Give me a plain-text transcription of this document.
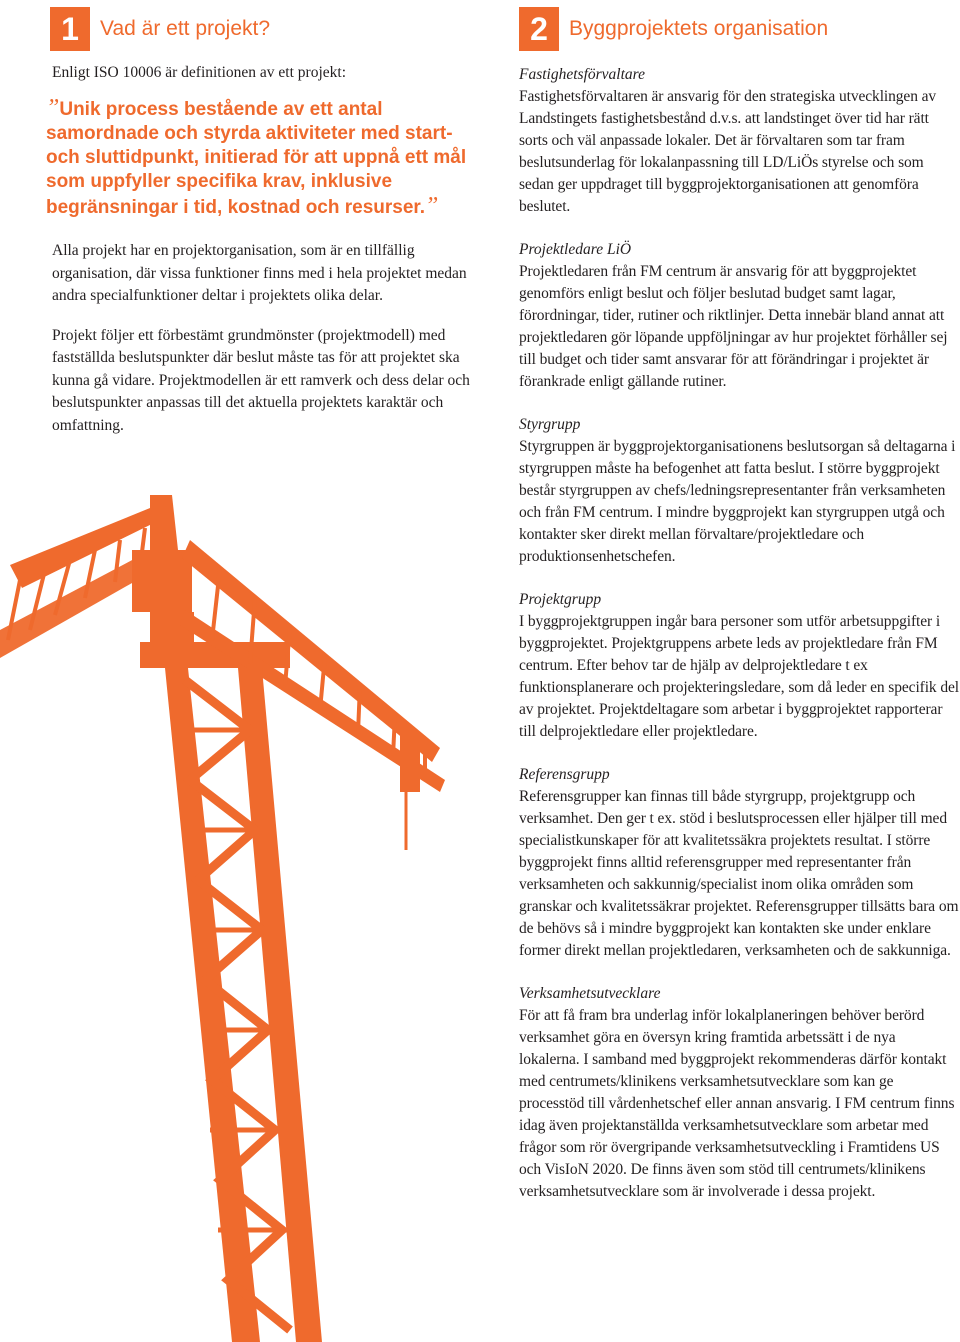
1	Vad är ett projekt?	2	Byggprojektets organisation

Enligt ISO 10006 är definitionen av ett projekt:

”Unik process bestående av ett antal samordnade och styrda aktiviteter med start- och sluttidpunkt, initierad för att uppnå ett mål som uppfyller specifika krav, inklusive begränsningar i tid, kostnad och resurser.”

Alla projekt har en projektorganisation, som är en tillfällig organisation, där vissa funktioner finns med i hela projektet medan andra specialfunktioner deltar i projektets olika delar.

Projekt följer ett förbestämt grundmönster (projektmodell) med fastställda beslutspunkter där beslut måste tas för att projektet ska kunna gå vidare. Projektmodellen är ett ramverk och dess delar och beslutspunkter anpassas till det aktuella projektets karaktär och omfattning.

Fastighetsförvaltare
Fastighetsförvaltaren är ansvarig för den strategiska utvecklingen av Landstingets fastighetsbestånd d.v.s. att landstinget över tid har rätt sorts och väl anpassade lokaler. Det är förvaltaren som tar fram beslutsunderlag för lokalanpassning till LD/LiÖs styrelse och som sedan ger uppdraget till byggprojektorganisationen att genomföra beslutet.
Projektledare LiÖ
Projektledaren från FM centrum är ansvarig för att byggprojektet genomförs enligt beslut och följer beslutad budget samt lagar, förordningar, tider, rutiner och riktlinjer. Detta innebär bland annat att projektledaren gör löpande uppföljningar av hur projektet förhåller sej till budget och tider samt ansvarar för att förändringar i projektet är förankrade enligt gällande rutiner.
Styrgrupp
Styrgruppen är byggprojektorganisationens beslutsorgan så deltagarna i styrgruppen måste ha befogenhet att fatta beslut. I större byggprojekt består styrgruppen av chefs/ledningsrepresentanter från verksamheten och från FM centrum. I mindre byggprojekt kan styrgruppen utgå och kontakter sker direkt mellan förvaltare/projektledare och produktionsenhetschefen.
Projektgrupp
I byggprojektgruppen ingår bara personer som utför arbetsuppgifter i byggprojektet. Projektgruppens arbete leds av projektledare från FM centrum. Efter behov tar de hjälp av delprojektledare t ex funktionsplanerare och projekteringsledare, som då leder en specifik del av projektet. Projektdeltagare som arbetar i byggprojektet rapporterar till delprojektledare eller projektledare.
Referensgrupp
Referensgrupper kan finnas till både styrgrupp, projektgrupp och verksamhet. Den ger t ex. stöd i beslutsprocessen eller hjälper till med specialistkunskaper för att kvalitetssäkra projektets resultat. I större byggprojekt finns alltid referensgrupper med representanter från verksamheten och sakkunnig/specialist inom olika områden som granskar och kvalitetssäkrar projektet. Referensgrupper tillsätts bara om de behövs så i mindre byggprojekt kan kontakten ske under enklare former direkt mellan projektledaren, verksamheten och de sakkunniga.
Verksamhetsutvecklare
För att få fram bra underlag inför lokalplaneringen behöver berörd verksamhet göra en översyn kring framtida arbetssätt i de nya lokalerna. I samband med byggprojekt rekommenderas därför kontakt med centrumets/klinikens verksamhetsutvecklare som kan ge processtöd till vårdenhetschef eller annan ansvarig. I FM centrum finns idag även projektanställda verksamhetsutvecklare som arbetar med frågor som rör övergripande verksamhetsutveckling i Framtidens US och VisIoN 2020. De finns även som stöd till centrumets/klinikens verksamhetsutvecklare som är involverade i dessa projekt.
